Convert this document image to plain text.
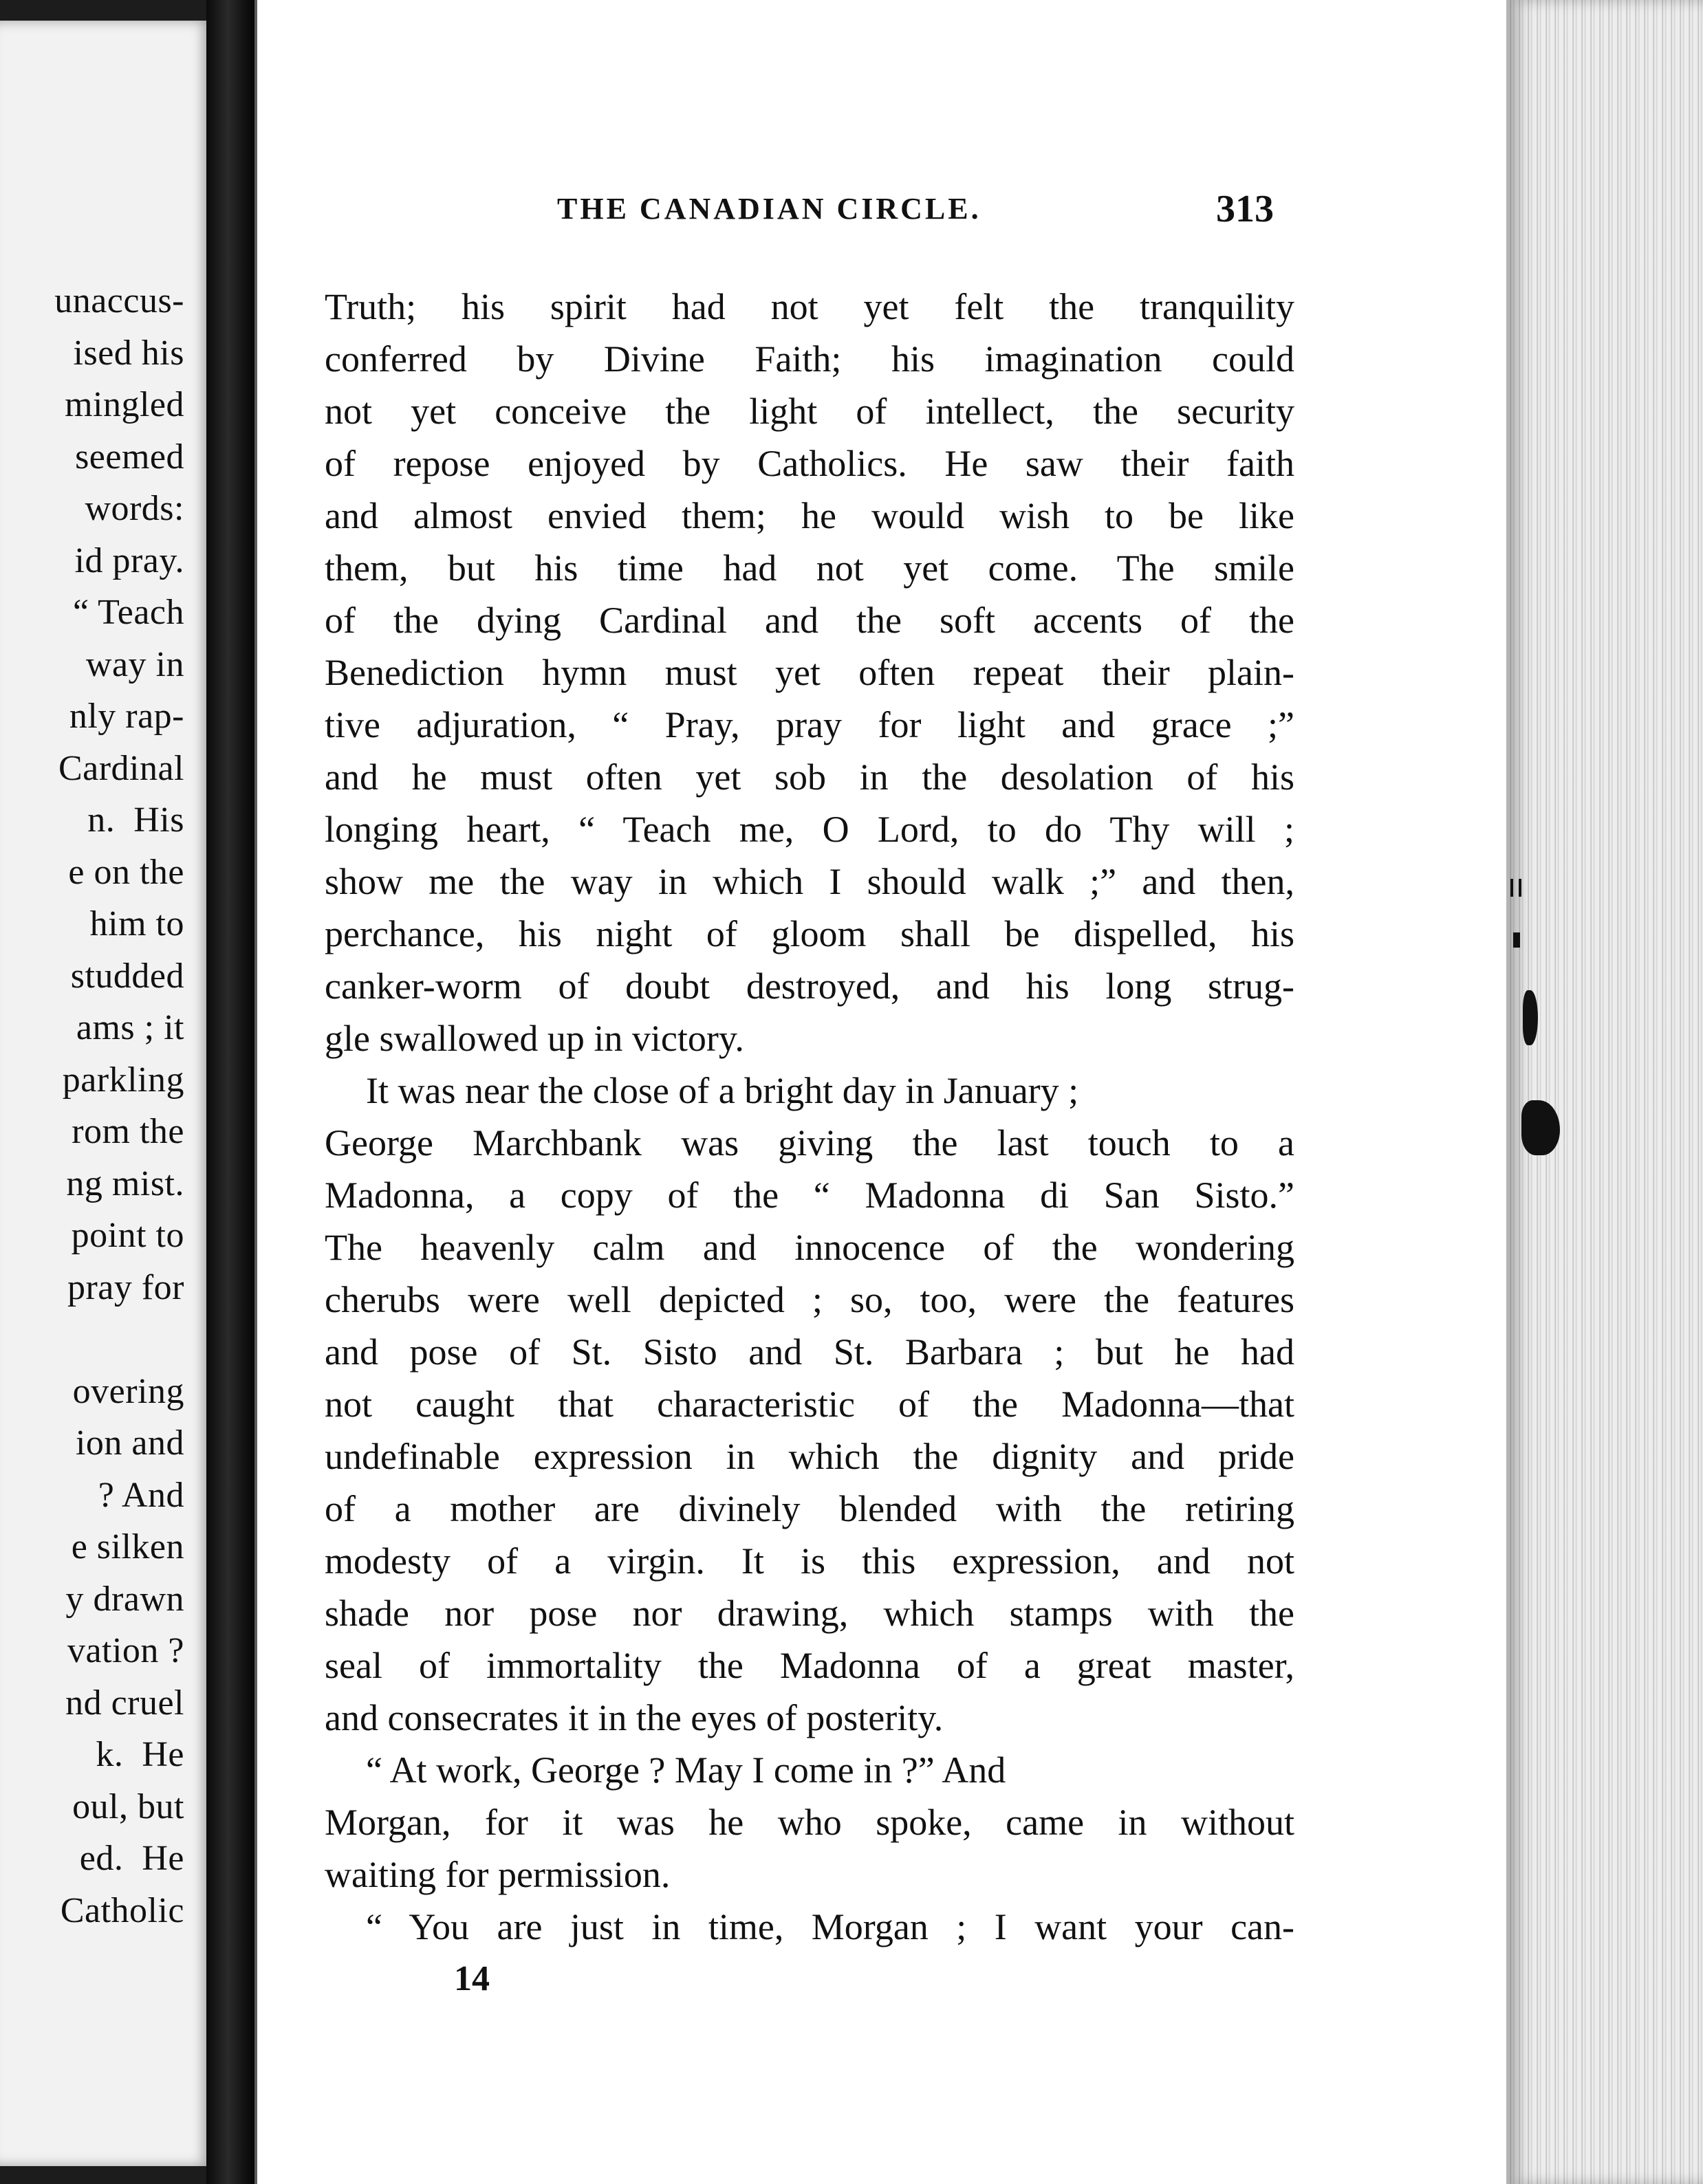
unaccus-
ised his
mingled
seemed
words:
id pray.
“ Teach
way in
nly rap-
Cardinal
n.  His
e on the
him to
studded
ams ; it
parkling
rom the
ng mist.
point to
pray for
overing
ion and
? And
e silken
y drawn
vation ?
nd cruel
k.  He
oul, but
ed.  He
Catholic
THE CANADIAN CIRCLE.	313
Truth; his spirit had not yet felt the tranquility
conferred by Divine Faith; his imagination could
not yet conceive the light of intellect, the security
of repose enjoyed by Catholics. He saw their faith
and almost envied them; he would wish to be like
them, but his time had not yet come. The smile
of the dying Cardinal and the soft accents of the
Benediction hymn must yet often repeat their plain-
tive adjuration, “ Pray, pray for light and grace ;”
and he must often yet sob in the desolation of his
longing heart, “ Teach me, O Lord, to do Thy will ;
show me the way in which I should walk ;” and then,
perchance, his night of gloom shall be dispelled, his
canker-worm of doubt destroyed, and his long strug-
gle swallowed up in victory.
It was near the close of a bright day in January ;
George Marchbank was giving the last touch to a
Madonna, a copy of the “ Madonna di San Sisto.”
The heavenly calm and innocence of the wondering
cherubs were well depicted ; so, too, were the features
and pose of St. Sisto and St. Barbara ; but he had
not caught that characteristic of the Madonna—that
undefinable expression in which the dignity and pride
of a mother are divinely blended with the retiring
modesty of a virgin. It is this expression, and not
shade nor pose nor drawing, which stamps with the
seal of immortality the Madonna of a great master,
and consecrates it in the eyes of posterity.
“ At work, George ? May I come in ?” And
Morgan, for it was he who spoke, came in without
waiting for permission.
“ You are just in time, Morgan ; I want your can-
14
